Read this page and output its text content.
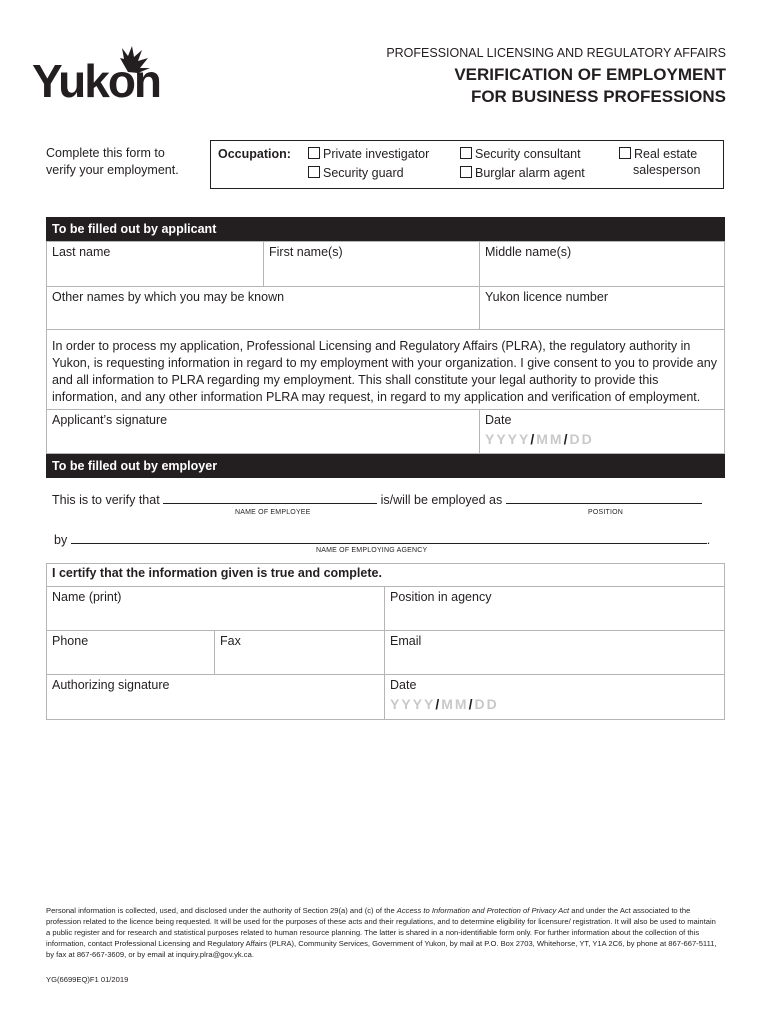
Yukon
PROFESSIONAL LICENSING AND REGULATORY AFFAIRS
VERIFICATION OF EMPLOYMENT
FOR BUSINESS PROFESSIONS
Complete this form to verify your employment.
Occupation:	Private investigator
Security guard
Security consultant
Burglar alarm agent
Real estate
salesperson
To be filled out by applicant
Last name	First name(s)	Middle name(s)
Other names by which you may be known	Yukon licence number
In order to process my application, Professional Licensing and Regulatory Affairs (PLRA), the regulatory authority in Yukon, is requesting information in regard to my employment with your organization. I give consent to you to provide any and all information to PLRA regarding my employment. This shall constitute your legal authority to provide this information, and any other information PLRA may request, in regard to my application and verification of employment.
Applicant’s signature	Date
YYYY/MM/DD
To be filled out by employer
This is to verify that	is/will be employed as
NAME OF EMPLOYEE	POSITION
by	.
NAME OF EMPLOYING AGENCY
I certify that the information given is true and complete.
Name (print)	Position in agency
Phone	Fax	Email
Authorizing signature	Date
YYYY/MM/DD
Personal information is collected, used, and disclosed under the authority of Section 29(a) and (c) of the Access to Information and Protection of Privacy Act and under the Act associated to the profession related to the licence being requested. It will be used for the purposes of these acts and their regulations, and to determine eligibility for licensure/ registration. It will also be used to maintain a public register and for research and statistical purposes related to human resource planning. The latter is shared in a non-identifiable form only. For further information about the collection of this information, contact Professional Licensing and Regulatory Affairs (PLRA), Community Services, Government of Yukon, by mail at P.O. Box 2703, Whitehorse, YT, Y1A 2C6, by phone at 867-667-5111, by fax at 867-667-3609, or by email at inquiry.plra@gov.yk.ca.
YG(6699EQ)F1 01/2019
